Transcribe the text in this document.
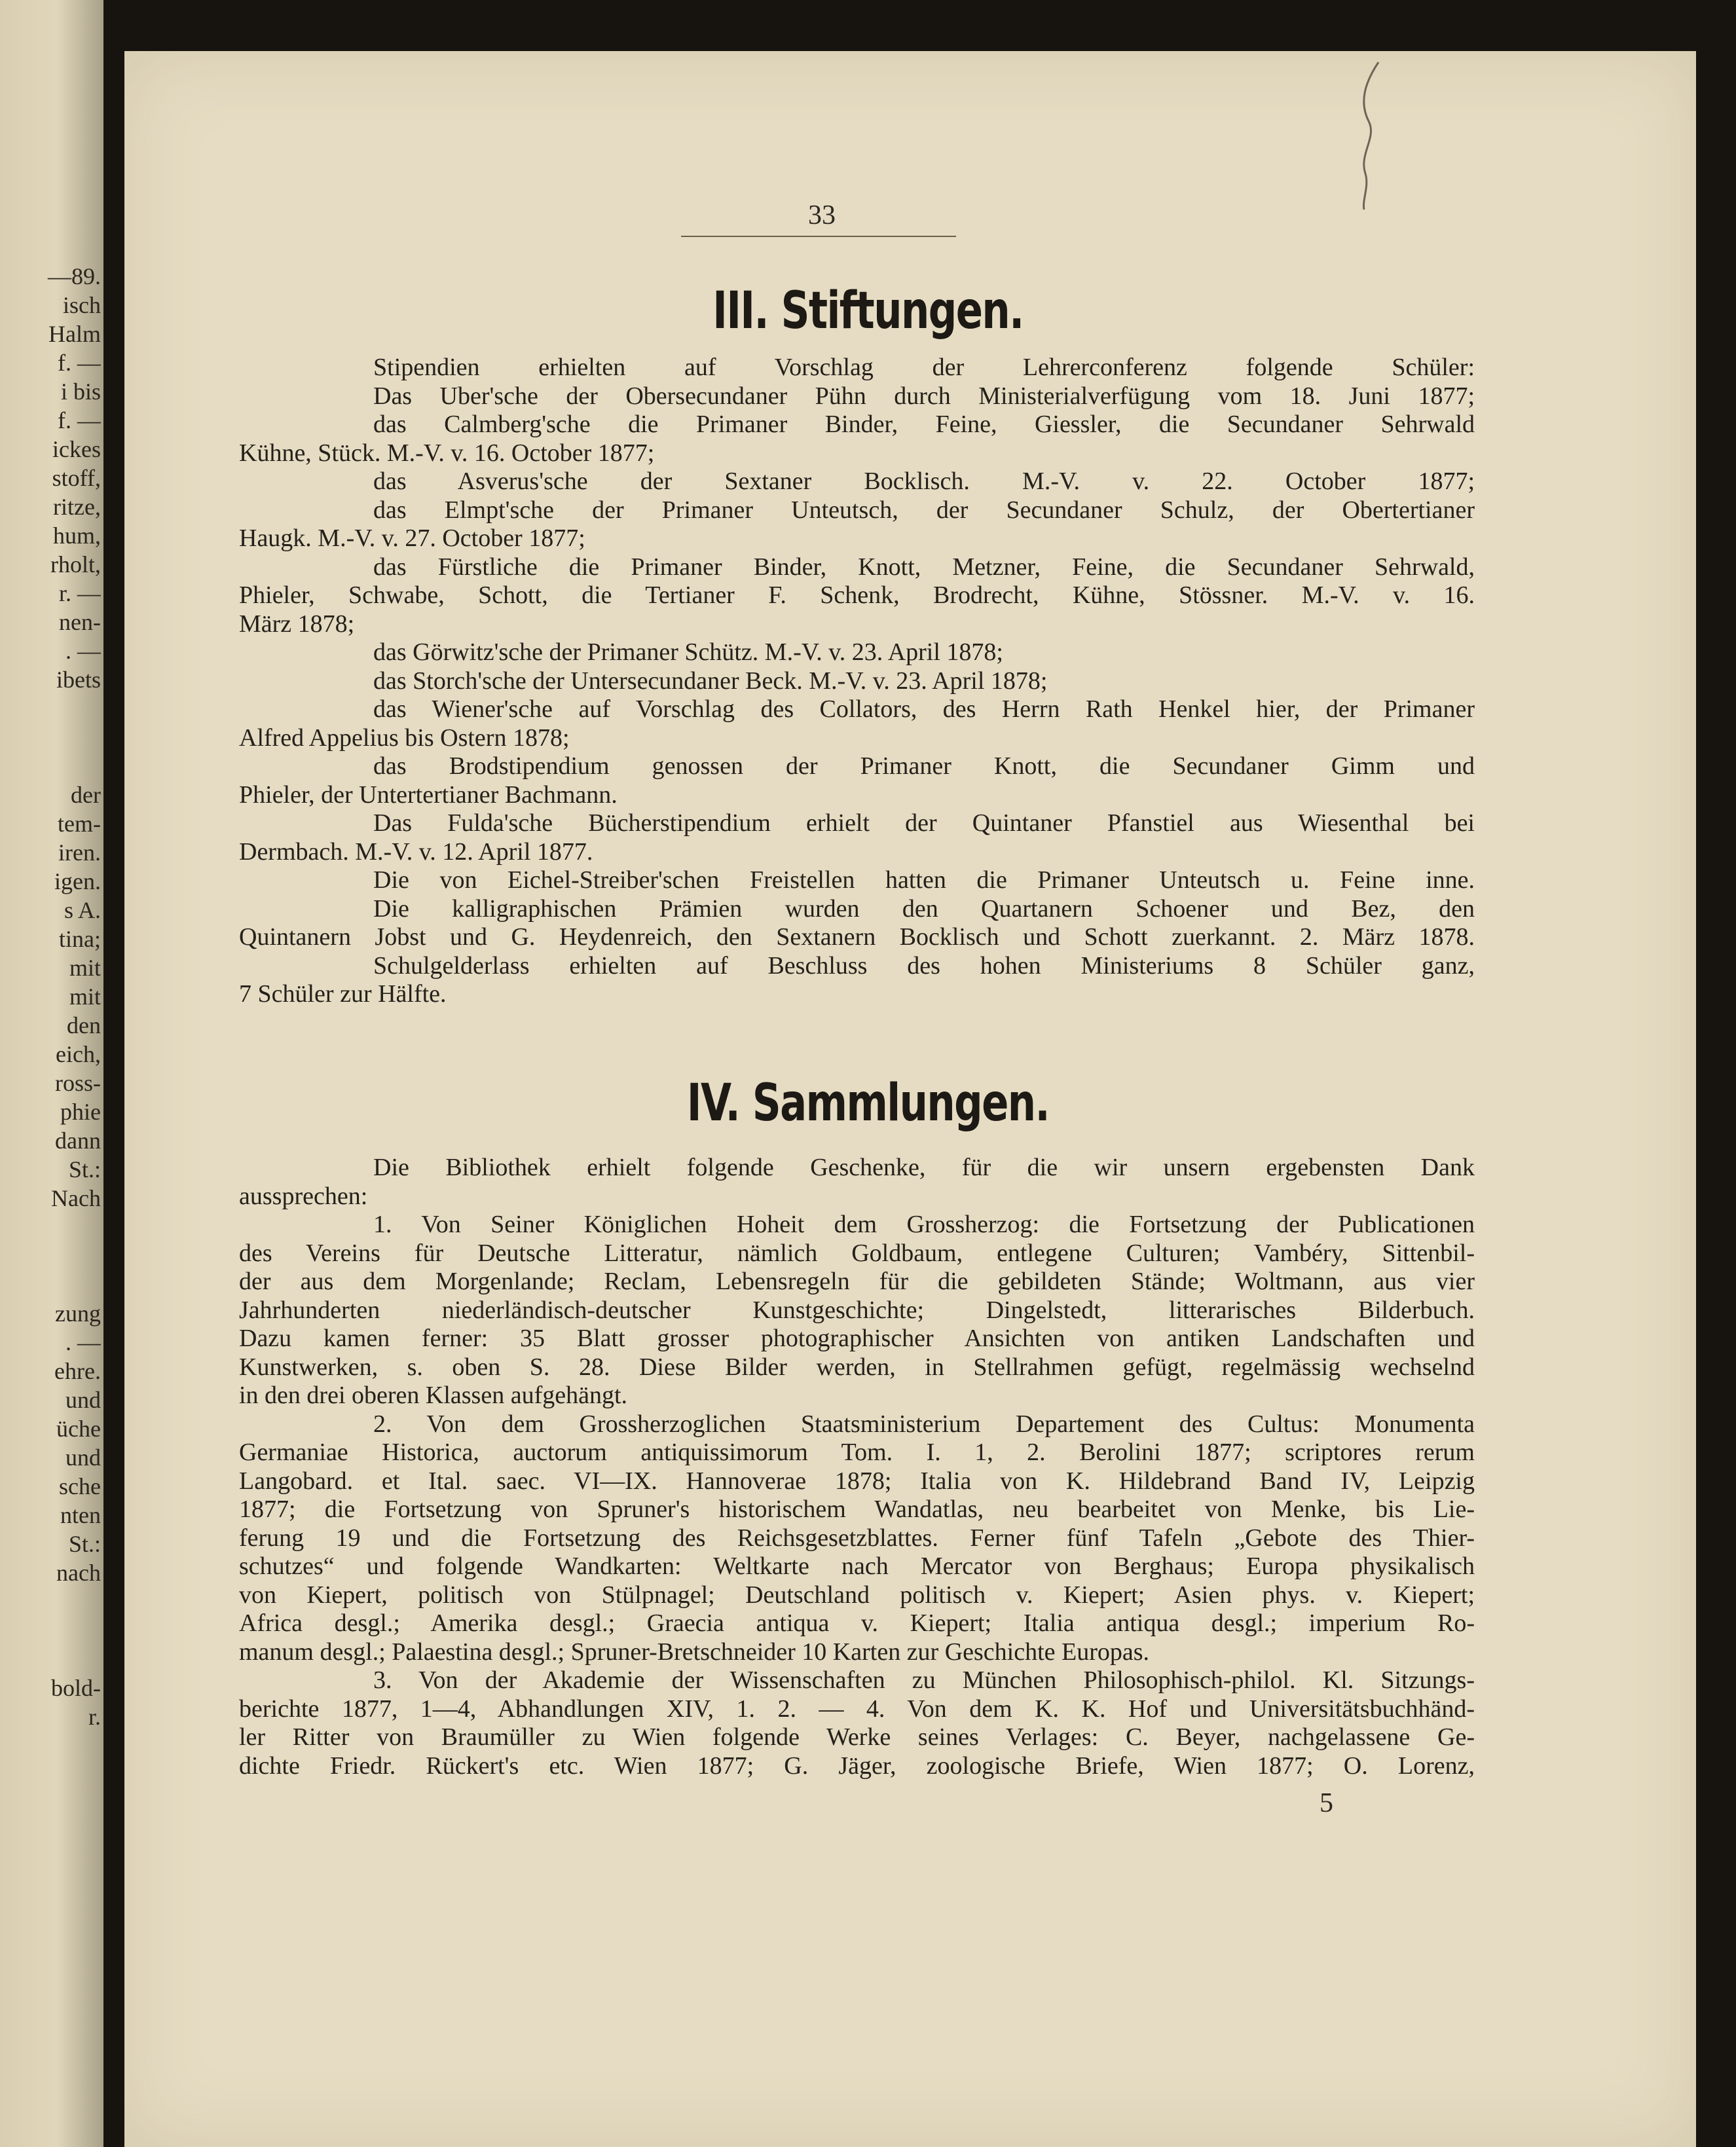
—89.
isch
Halm
f. —
i bis
f. —
ickes
stoff,
ritze,
hum,
rholt,
r. —
nen-
. —
ibets
der
tem-
iren.
igen.
s A.
tina;
mit
mit
den
eich,
ross-
phie
dann
St.:
Nach
zung
. —
ehre.
und
üche
und
sche
nten
St.:
nach
bold-
r.
33
III. Stiftungen.
Stipendien erhielten auf Vorschlag der Lehrerconferenz folgende Schüler:
Das Uber'sche der Obersecundaner Pühn durch Ministerialverfügung vom 18. Juni 1877;
das Calmberg'sche die Primaner Binder, Feine, Giessler, die Secundaner Sehrwald
Kühne, Stück. M.-V. v. 16. October 1877;
das Asverus'sche der Sextaner Bocklisch. M.-V. v. 22. October 1877;
das Elmpt'sche der Primaner Unteutsch, der Secundaner Schulz, der Obertertianer
Haugk. M.-V. v. 27. October 1877;
das Fürstliche die Primaner Binder, Knott, Metzner, Feine, die Secundaner Sehrwald,
Phieler, Schwabe, Schott, die Tertianer F. Schenk, Brodrecht, Kühne, Stössner. M.-V. v. 16.
März 1878;
das Görwitz'sche der Primaner Schütz. M.-V. v. 23. April 1878;
das Storch'sche der Untersecundaner Beck. M.-V. v. 23. April 1878;
das Wiener'sche auf Vorschlag des Collators, des Herrn Rath Henkel hier, der Primaner
Alfred Appelius bis Ostern 1878;
das Brodstipendium genossen der Primaner Knott, die Secundaner Gimm und
Phieler, der Untertertianer Bachmann.
Das Fulda'sche Bücherstipendium erhielt der Quintaner Pfanstiel aus Wiesenthal bei
Dermbach. M.-V. v. 12. April 1877.
Die von Eichel-Streiber'schen Freistellen hatten die Primaner Unteutsch u. Feine inne.
Die kalligraphischen Prämien wurden den Quartanern Schoener und Bez, den
Quintanern Jobst und G. Heydenreich, den Sextanern Bocklisch und Schott zuerkannt. 2. März 1878.
Schulgelderlass erhielten auf Beschluss des hohen Ministeriums 8 Schüler ganz,
7 Schüler zur Hälfte.
IV. Sammlungen.
Die Bibliothek erhielt folgende Geschenke, für die wir unsern ergebensten Dank
aussprechen:
1. Von Seiner Königlichen Hoheit dem Grossherzog: die Fortsetzung der Publicationen
des Vereins für Deutsche Litteratur, nämlich Goldbaum, entlegene Culturen; Vambéry, Sittenbil-
der aus dem Morgenlande; Reclam, Lebensregeln für die gebildeten Stände; Woltmann, aus vier
Jahrhunderten niederländisch-deutscher Kunstgeschichte; Dingelstedt, litterarisches Bilderbuch.
Dazu kamen ferner: 35 Blatt grosser photographischer Ansichten von antiken Landschaften und
Kunstwerken, s. oben S. 28. Diese Bilder werden, in Stellrahmen gefügt, regelmässig wechselnd
in den drei oberen Klassen aufgehängt.
2. Von dem Grossherzoglichen Staatsministerium Departement des Cultus: Monumenta
Germaniae Historica, auctorum antiquissimorum Tom. I. 1, 2. Berolini 1877; scriptores rerum
Langobard. et Ital. saec. VI—IX. Hannoverae 1878; Italia von K. Hildebrand Band IV, Leipzig
1877; die Fortsetzung von Spruner's historischem Wandatlas, neu bearbeitet von Menke, bis Lie-
ferung 19 und die Fortsetzung des Reichsgesetzblattes. Ferner fünf Tafeln „Gebote des Thier-
schutzes“ und folgende Wandkarten: Weltkarte nach Mercator von Berghaus; Europa physikalisch
von Kiepert, politisch von Stülpnagel; Deutschland politisch v. Kiepert; Asien phys. v. Kiepert;
Africa desgl.; Amerika desgl.; Graecia antiqua v. Kiepert; Italia antiqua desgl.; imperium Ro-
manum desgl.; Palaestina desgl.; Spruner-Bretschneider 10 Karten zur Geschichte Europas.
3. Von der Akademie der Wissenschaften zu München Philosophisch-philol. Kl. Sitzungs-
berichte 1877, 1—4, Abhandlungen XIV, 1. 2. — 4. Von dem K. K. Hof und Universitätsbuchhänd-
ler Ritter von Braumüller zu Wien folgende Werke seines Verlages: C. Beyer, nachgelassene Ge-
dichte Friedr. Rückert's etc. Wien 1877; G. Jäger, zoologische Briefe, Wien 1877; O. Lorenz,
5
